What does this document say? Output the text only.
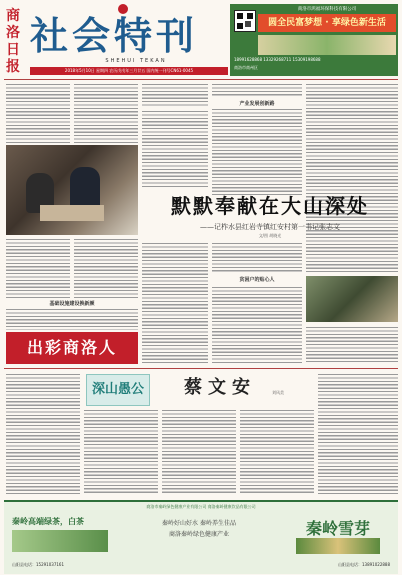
商洛日报
社会特刊
SHEHUI TEKAN
2018年5月10日 星期四 农历戊戌年三月廿五 国内统一刊号CN61-0045
商洛市鸿福环保科技有限公司
圆全民富梦想 · 享绿色新生活
18991628868 13329268711 15309198688
商洛市商州区
产业发展创新路
默默奉献在大山深处
——记柞水县红岩寺镇红安村第一书记张志文
文/图 胡晓光
基础设施建设换新颜
出彩商洛人
贫困户的贴心人
深山愚公	蔡文安	刘风美
商洛市秦岭绿色健康产业有限公司 商洛秦岭健康饮品有限公司
秦岭高端绿茶，白茶	秦岭好山好水 秦岭养生佳品
商洛秦岭绿色健康产业	秦岭雪芽
山阳县电话：15291037161	山阳县电话：13891022888
